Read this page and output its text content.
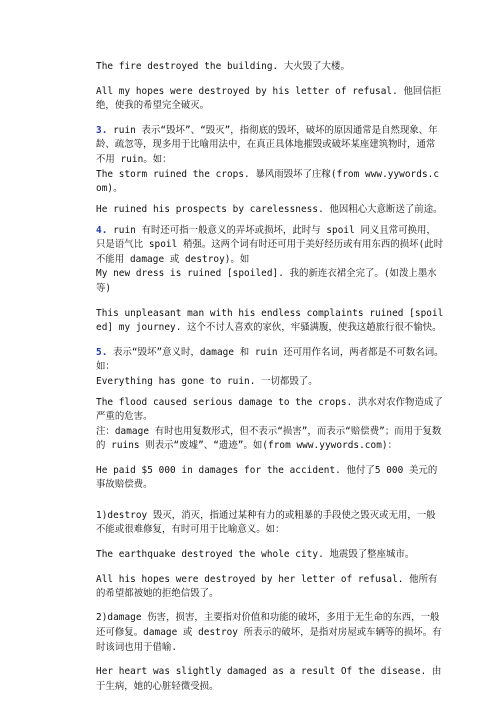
The fire destroyed the building. 大火毁了大楼。

All my hopes were destroyed by his letter of refusal. 他回信拒绝，使我的希望完全破灭。

3. ruin 表示“毁坏”、“毁灭”，指彻底的毁坏，破坏的原因通常是自然现象、年龄、疏忽等，现多用于比喻用法中，在真正具体地摧毁或破坏某座建筑物时，通常不用 ruin。如：
The storm ruined the crops. 暴风雨毁坏了庄稼(from www.yywords.com)。

He ruined his prospects by carelessness. 他因粗心大意断送了前途。

4. ruin 有时还可指一般意义的弄坏或损坏，此时与 spoil 同义且常可换用，只是语气比 spoil 稍强。这两个词有时还可用于美好经历或有用东西的损坏(此时不能用 damage 或 destroy)。如
My new dress is ruined [spoiled]. 我的新连衣裙全完了。(如泼上墨水等)

This unpleasant man with his endless complaints ruined [spoiled] my journey. 这个不讨人喜欢的家伙，牢骚满腹，使我这趟旅行很不愉快。

5. 表示“毁坏”意义时，damage 和 ruin 还可用作名词，两者都是不可数名词。如：
Everything has gone to ruin. 一切都毁了。

The flood caused serious damage to the crops. 洪水对农作物造成了严重的危害。
注：damage 有时也用复数形式，但不表示“损害”，而表示“赔偿费”；而用于复数的 ruins 则表示“废墟”、“遗迹”。如(from www.yywords.com)：

He paid $5 000 in damages for the accident. 他付了5 000 美元的事故赔偿费。

1)destroy 毁灭，消灭，指通过某种有力的或粗暴的手段使之毁灭或无用，一般不能或很难修复，有时可用于比喻意义。如：

The earthquake destroyed the whole city. 地震毁了整座城市。

All his hopes were destroyed by her letter of refusal. 他所有的希望都被她的拒绝信毁了。

2)damage 伤害，损害，主要指对价值和功能的破坏，多用于无生命的东西，一般还可修复。damage 或 destroy 所表示的破坏，是指对房屋或车辆等的损坏。有时该词也用于借喻.

Her heart was slightly damaged as a result Of the disease. 由于生病，她的心脏轻微受损。
